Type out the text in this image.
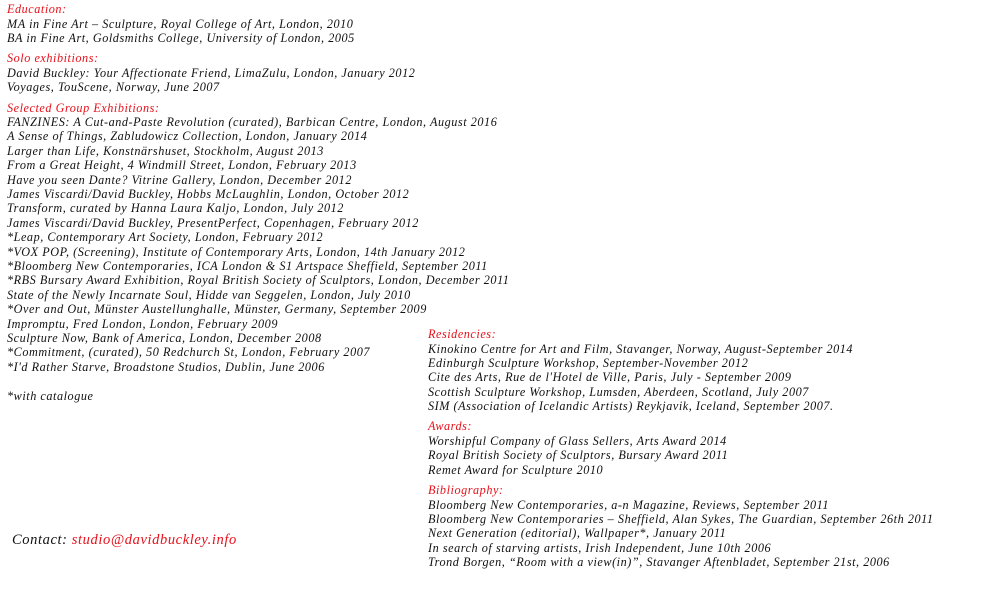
Education:
MA in Fine Art – Sculpture, Royal College of Art, London, 2010
BA in Fine Art, Goldsmiths College, University of London, 2005
Solo exhibitions:
David Buckley: Your Affectionate Friend, LimaZulu, London, January 2012
Voyages, TouScene, Norway, June 2007
Selected Group Exhibitions:
FANZINES: A Cut-and-Paste Revolution (curated), Barbican Centre, London, August 2016
A Sense of Things, Zabludowicz Collection, London, January 2014
Larger than Life, Konstnärshuset, Stockholm, August 2013
From a Great Height, 4 Windmill Street, London, February 2013
Have you seen Dante? Vitrine Gallery, London, December 2012
James Viscardi/David Buckley, Hobbs McLaughlin, London, October 2012
Transform, curated by Hanna Laura Kaljo, London, July 2012
James Viscardi/David Buckley, PresentPerfect, Copenhagen, February 2012
*Leap, Contemporary Art Society, London, February 2012
*VOX POP, (Screening), Institute of Contemporary Arts, London, 14th January 2012
*Bloomberg New Contemporaries, ICA London & S1 Artspace Sheffield, September 2011
*RBS Bursary Award Exhibition, Royal British Society of Sculptors, London, December 2011
State of the Newly Incarnate Soul, Hidde van Seggelen, London, July 2010
*Over and Out, Münster Austellunghalle, Münster, Germany, September 2009
Impromptu, Fred London, London, February 2009
Sculpture Now, Bank of America, London, December 2008
*Commitment, (curated), 50 Redchurch St, London, February 2007
*I'd Rather Starve, Broadstone Studios, Dublin, June 2006
*with catalogue
Residencies:
Kinokino Centre for Art and Film, Stavanger, Norway, August-September 2014
Edinburgh Sculpture Workshop, September-November 2012
Cite des Arts, Rue de l'Hotel de Ville, Paris, July - September 2009
Scottish Sculpture Workshop, Lumsden, Aberdeen, Scotland, July 2007
SIM (Association of Icelandic Artists) Reykjavik, Iceland, September 2007.
Awards:
Worshipful Company of Glass Sellers, Arts Award 2014
Royal British Society of Sculptors, Bursary Award 2011
Remet Award for Sculpture 2010
Bibliography:
Bloomberg New Contemporaries, a-n Magazine, Reviews, September 2011
Bloomberg New Contemporaries – Sheffield, Alan Sykes, The Guardian, September 26th 2011
Next Generation (editorial), Wallpaper*, January 2011
In search of starving artists, Irish Independent, June 10th 2006
Trond Borgen, “Room with a view(in)”, Stavanger Aftenbladet, September 21st, 2006
Contact: studio@davidbuckley.info
